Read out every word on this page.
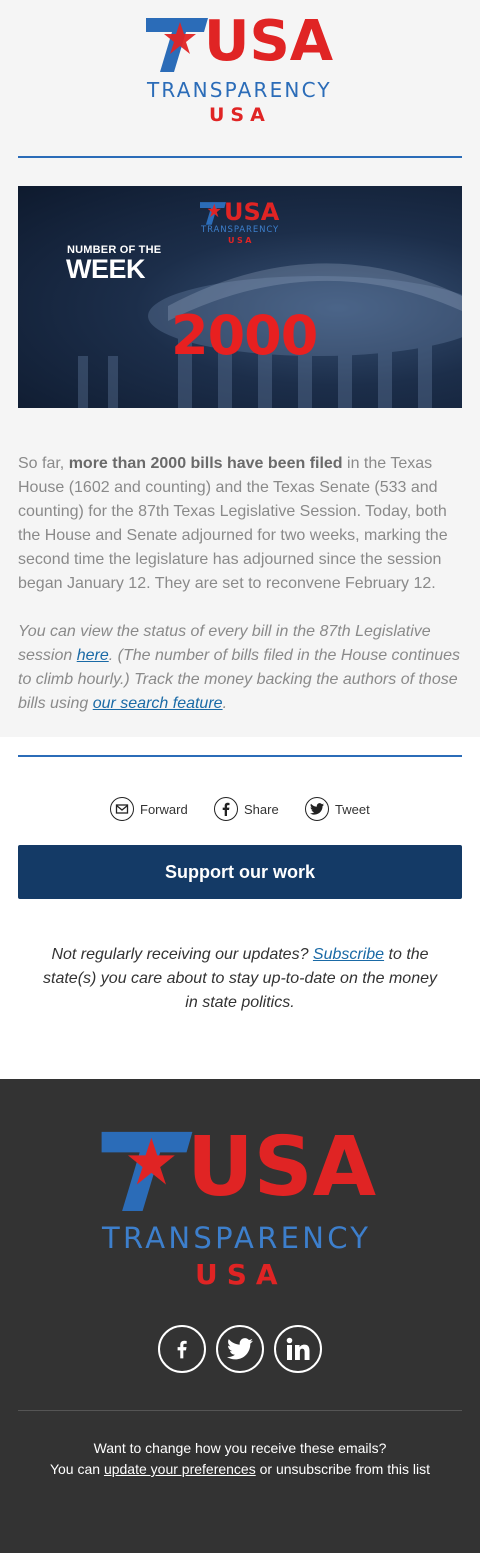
USA
TRANSPARENCY
USA
USA
TRANSPARENCY
USA
NUMBER OF THE
WEEK
2000

So far, more than 2000 bills have been filed in the Texas House (1602 and counting) and the Texas Senate (533 and counting) for the 87th Texas Legislative Session. Today, both the House and Senate adjourned for two weeks, marking the second time the legislature has adjourned since the session began January 12. They are set to reconvene February 12.

You can view the status of every bill in the 87th Legislative session here. (The number of bills filed in the House continues to climb hourly.) Track the money backing the authors of those bills using our search feature.

Forward	Share	Tweet
Support our work
Not regularly receiving our updates? Subscribe to the state(s) you care about to stay up-to-date on the money in state politics.
USA
TRANSPARENCY
USA
Want to change how you receive these emails?
You can update your preferences or unsubscribe from this list
